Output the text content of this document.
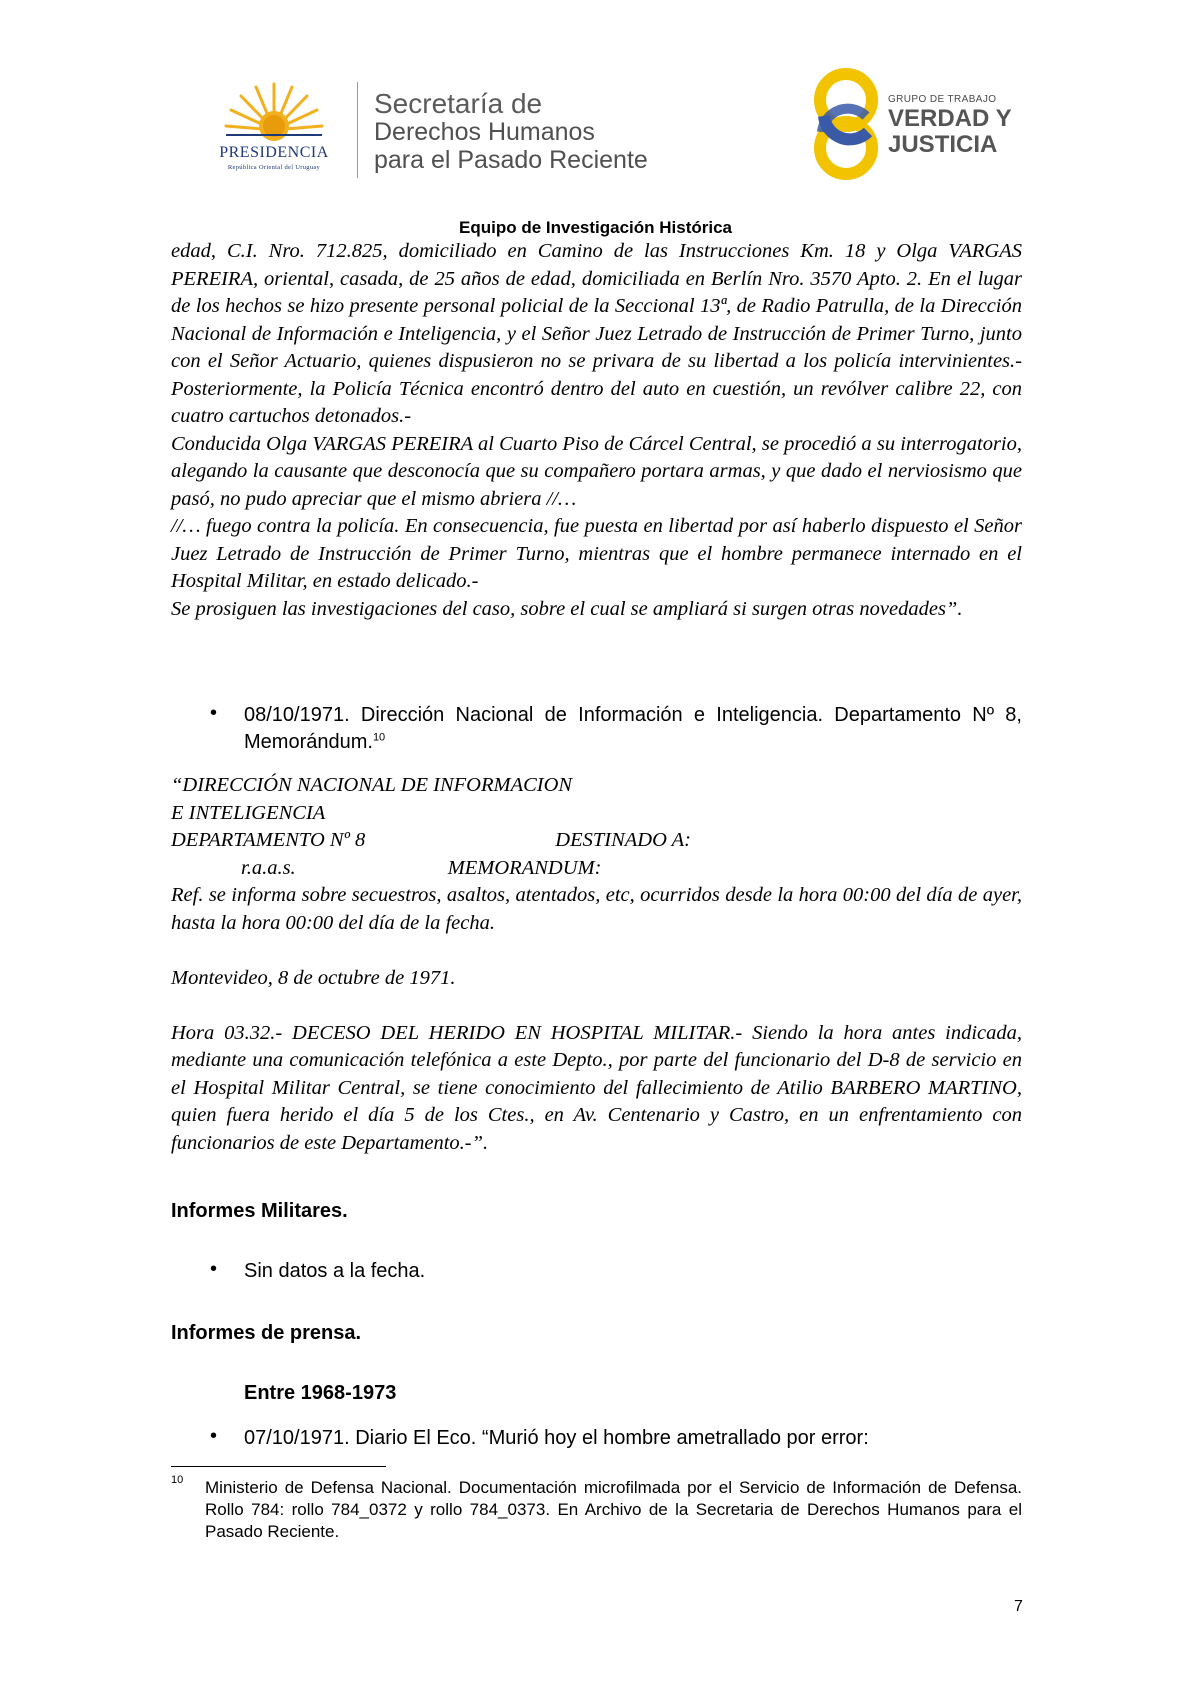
PRESIDENCIA
República Oriental del Uruguay
Secretaría de
Derechos Humanos
para el Pasado Reciente
GRUPO DE TRABAJO
VERDAD Y
JUSTICIA
Equipo de Investigación Histórica

edad, C.I. Nro. 712.825, domiciliado en Camino de las Instrucciones Km. 18 y Olga VARGAS PEREIRA, oriental, casada, de 25 años de edad, domiciliada en Berlín Nro. 3570 Apto. 2. En el lugar de los hechos se hizo presente personal policial de la Seccional 13ª, de Radio Patrulla, de la Dirección Nacional de Información e Inteligencia, y el Señor Juez Letrado de Instrucción de Primer Turno, junto con el Señor Actuario, quienes dispusieron no se privara de su libertad a los policía intervinientes.- Posteriormente, la Policía Técnica encontró dentro del auto en cuestión, un revólver calibre 22, con cuatro cartuchos detonados.-

Conducida Olga VARGAS PEREIRA al Cuarto Piso de Cárcel Central, se procedió a su interrogatorio, alegando la causante que desconocía que su compañero portara armas, y que dado el nerviosismo que pasó, no pudo apreciar que el mismo abriera //…

//… fuego contra la policía. En consecuencia, fue puesta en libertad por así haberlo dispuesto el Señor Juez Letrado de Instrucción de Primer Turno, mientras que el hombre permanece internado en el Hospital Militar, en estado delicado.-

Se prosiguen las investigaciones del caso, sobre el cual se ampliará si surgen otras novedades”.

• 08/10/1971. Dirección Nacional de Información e Inteligencia. Departamento Nº 8, Memorándum.$^{10}$
“DIRECCIÓN NACIONAL DE INFORMACION
E INTELIGENCIA
DEPARTAMENTO Nº 8	DESTINADO A:
r.a.a.s.	MEMORANDUM:
Ref. se informa sobre secuestros, asaltos, atentados, etc, ocurridos desde la hora 00:00 del día de ayer, hasta la hora 00:00 del día de la fecha.
Montevideo, 8 de octubre de 1971.
Hora 03.32.- DECESO DEL HERIDO EN HOSPITAL MILITAR.- Siendo la hora antes indicada, mediante una comunicación telefónica a este Depto., por parte del funcionario del D-8 de servicio en el Hospital Militar Central, se tiene conocimiento del fallecimiento de Atilio BARBERO MARTINO, quien fuera herido el día 5 de los Ctes., en Av. Centenario y Castro, en un enfrentamiento con funcionarios de este Departamento.-”.
Informes Militares.
• Sin datos a la fecha.
Informes de prensa.
Entre 1968-1973
• 07/10/1971. Diario El Eco. “Murió hoy el hombre ametrallado por error:
10 Ministerio de Defensa Nacional. Documentación microfilmada por el Servicio de Información de Defensa. Rollo 784: rollo 784_0372 y rollo 784_0373. En Archivo de la Secretaria de Derechos Humanos para el Pasado Reciente.
7
